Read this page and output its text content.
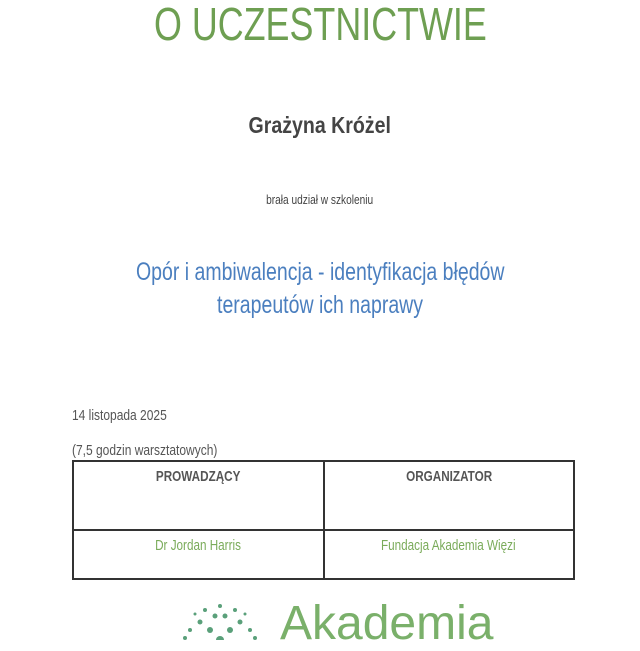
O UCZESTNICTWIE
Grażyna Króżel
brała udział w szkoleniu
Opór i ambiwalencja - identyfikacja błędów
terapeutów ich naprawy
14 listopada 2025
(7,5 godzin warsztatowych)
PROWADZĄCY	ORGANIZATOR
Dr Jordan Harris	Fundacja Akademia Więzi
Akademia
